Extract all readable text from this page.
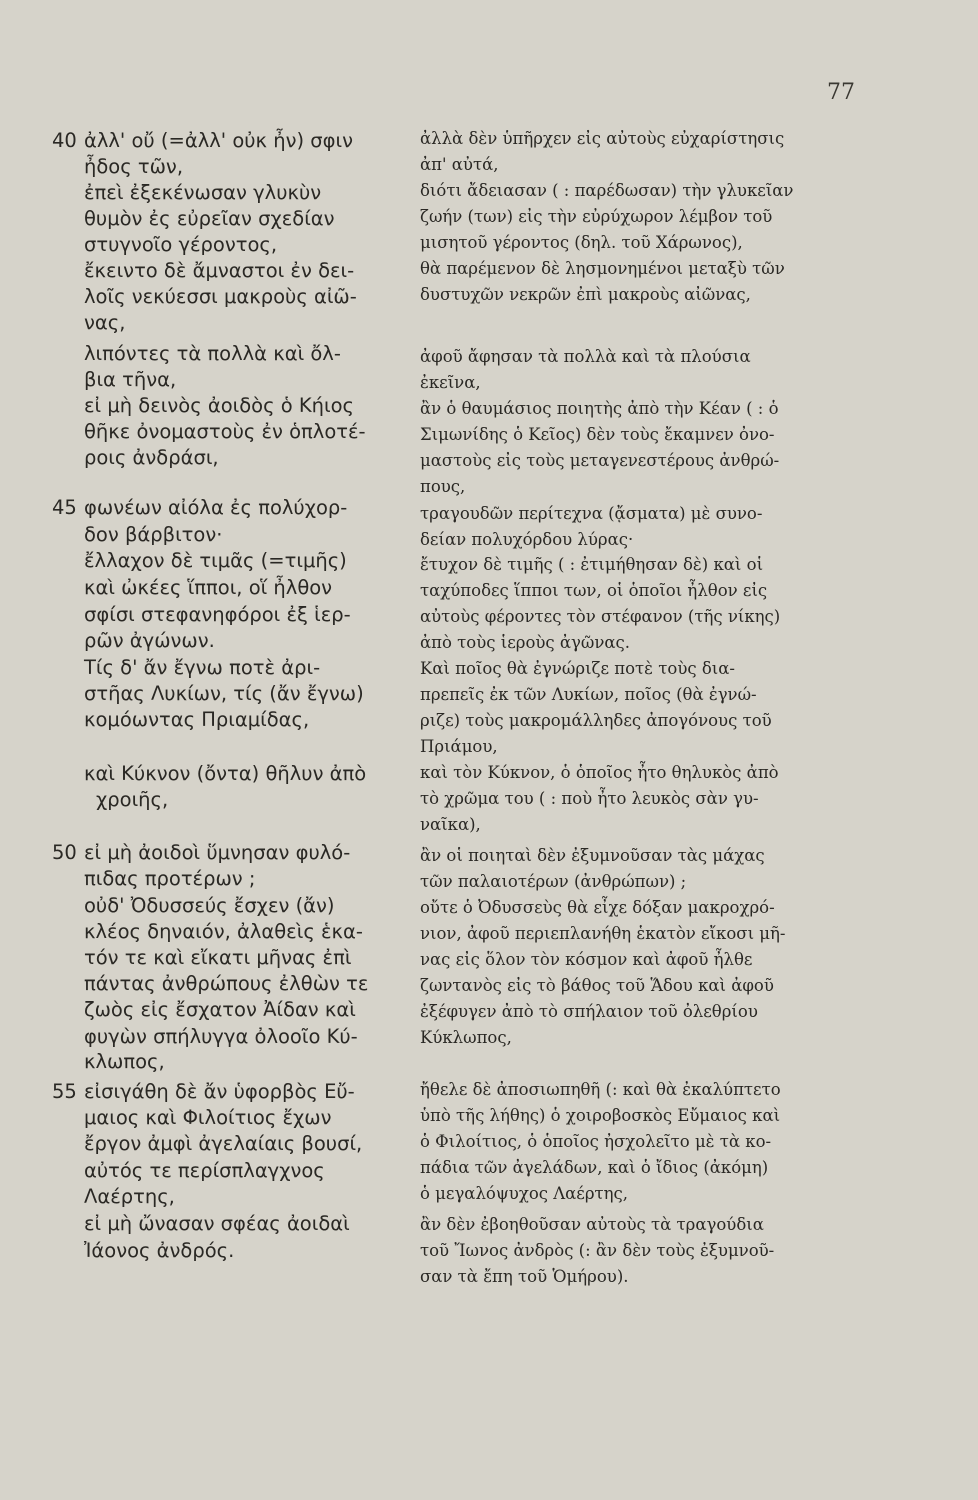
77
40
45
50
55
ἀλλ' οὔ (=ἀλλ' οὐκ ἦν) σφιν
ἦδος τῶν,
ἐπεὶ ἐξεκένωσαν γλυκὺν
θυμὸν ἐς εὐρεῖαν σχεδίαν
στυγνοῖο γέροντος,
ἔκειντο δὲ ἄμναστοι ἐν δει-
λοῖς νεκύεσσι μακροὺς αἰῶ-
νας,
λιπόντες τὰ πολλὰ καὶ ὄλ-
βια τῆνα,
εἰ μὴ δεινὸς ἀοιδὸς ὁ Κήιος
θῆκε ὀνομαστοὺς ἐν ὁπλοτέ-
ροις ἀνδράσι,
φωνέων αἰόλα ἐς πολύχορ-
δον βάρβιτον·
ἔλλαχον δὲ τιμᾶς (=τιμῆς)
καὶ ὠκέες ἵπποι, οἵ ἦλθον
σφίσι στεφανηφόροι ἐξ ἱερ-
ρῶν ἀγώνων.
Τίς δ' ἄν ἔγνω ποτὲ ἀρι-
στῆας Λυκίων, τίς (ἄν ἔγνω)
κομόωντας Πριαμίδας,
καὶ Κύκνον (ὄντα) θῆλυν ἀπὸ
χροιῆς,
εἰ μὴ ἀοιδοὶ ὕμνησαν φυλό-
πιδας προτέρων ;
οὐδ' Ὀδυσσεύς ἔσχεν (ἄν)
κλέος δηναιόν, ἀλαθεὶς ἑκα-
τόν τε καὶ εἴκατι μῆνας ἐπὶ
πάντας ἀνθρώπους ἐλθὼν τε
ζωὸς εἰς ἔσχατον Ἀίδαν καὶ
φυγὼν σπήλυγγα ὀλοοῖο Κύ-
κλωπος,
εἰσιγάθη δὲ ἄν ὑφορβὸς Εὔ-
μαιος καὶ Φιλοίτιος ἔχων
ἔργον ἀμφὶ ἀγελαίαις βουσί,
αὐτός τε περίσπλαγχνος
Λαέρτης,
εἰ μὴ ὤνασαν σφέας ἀοιδαὶ
Ἰάονος ἀνδρός.
ἀλλὰ δὲν ὑπῆρχεν εἰς αὐτοὺς εὐχαρίστησις
ἀπ' αὐτά,
διότι ἄδειασαν ( : παρέδωσαν) τὴν γλυκεῖαν
ζωήν (των) εἰς τὴν εὐρύχωρον λέμβον τοῦ
μισητοῦ γέροντος (δηλ. τοῦ Χάρωνος),
θὰ παρέμενον δὲ λησμονημένοι μεταξὺ τῶν
δυστυχῶν νεκρῶν ἐπὶ μακροὺς αἰῶνας,
ἀφοῦ ἄφησαν τὰ πολλὰ καὶ τὰ πλούσια
ἐκεῖνα,
ἂν ὁ θαυμάσιος ποιητὴς ἀπὸ τὴν Κέαν ( : ὁ
Σιμωνίδης ὁ Κεῖος) δὲν τοὺς ἔκαμνεν ὀνο-
μαστοὺς εἰς τοὺς μεταγενεστέρους ἀνθρώ-
πους,
τραγουδῶν περίτεχνα (ᾄσματα) μὲ συνο-
δείαν πολυχόρδου λύρας·
ἔτυχον δὲ τιμῆς ( : ἐτιμήθησαν δὲ) καὶ οἱ
ταχύποδες ἵπποι των, οἱ ὁποῖοι ἦλθον εἰς
αὐτοὺς φέροντες τὸν στέφανον (τῆς νίκης)
ἀπὸ τοὺς ἱεροὺς ἀγῶνας.
Καὶ ποῖος θὰ ἐγνώριζε ποτὲ τοὺς δια-
πρεπεῖς ἐκ τῶν Λυκίων, ποῖος (θὰ ἐγνώ-
ριζε) τοὺς μακρομάλληδες ἀπογόνους τοῦ
Πριάμου,
καὶ τὸν Κύκνον, ὁ ὁποῖος ἦτο θηλυκὸς ἀπὸ
τὸ χρῶμα του ( : ποὺ ἦτο λευκὸς σὰν γυ-
ναῖκα),
ἂν οἱ ποιηταὶ δὲν ἐξυμνοῦσαν τὰς μάχας
τῶν παλαιοτέρων (ἀνθρώπων) ;
οὔτε ὁ Ὀδυσσεὺς θὰ εἶχε δόξαν μακροχρό-
νιον, ἀφοῦ περιεπλανήθη ἑκατὸν εἴκοσι μῆ-
νας εἰς ὅλον τὸν κόσμον καὶ ἀφοῦ ἦλθε
ζωντανὸς εἰς τὸ βάθος τοῦ Ἅδου καὶ ἀφοῦ
ἐξέφυγεν ἀπὸ τὸ σπήλαιον τοῦ ὀλεθρίου
Κύκλωπος,
ἤθελε δὲ ἀποσιωπηθῆ (: καὶ θὰ ἐκαλύπτετο
ὑπὸ τῆς λήθης) ὁ χοιροβοσκὸς Εὔμαιος καὶ
ὁ Φιλοίτιος, ὁ ὁποῖος ἠσχολεῖτο μὲ τὰ κο-
πάδια τῶν ἀγελάδων, καὶ ὁ ἴδιος (ἀκόμη)
ὁ μεγαλόψυχος Λαέρτης,
ἂν δὲν ἐβοηθοῦσαν αὐτοὺς τὰ τραγούδια
τοῦ Ἴωνος ἀνδρὸς (: ἂν δὲν τοὺς ἐξυμνοῦ-
σαν τὰ ἔπη τοῦ Ὁμήρου).
